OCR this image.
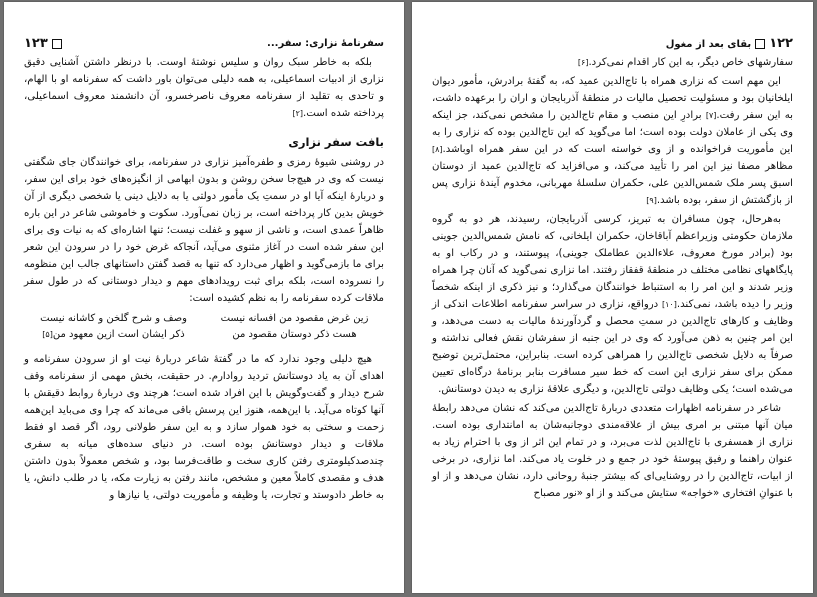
سفرنامهٔ نزاری: سفر...
۱۲۳

بلکه به خاطر سبک روان و سلیس نوشتهٔ اوست. با درنظر داشتن آشنایی دقیق نزاری از ادبیات اسماعیلی، به همه دلیلی می‌توان باور داشت که سفرنامه او با الهام، و تاحدی به تقلید از سفرنامه معروف ناصرخسرو، آن دانشمند معروف اسماعیلی، پرداخته شده است.[۲]

بافت سفر نزاری

در روشنی شیوهٔ رمزی و طفره‌آمیز نزاری در سفرنامه، برای خوانندگان جای شگفتی نیست که وی در هیچ‌جا سخن روشن و بدون ابهامی از انگیزه‌های خود برای این سفر، و دربارهٔ اینکه آیا او در سمتِ یک مأمور دولتی یا به دلایل دینی یا شخصی دیگری از آن خویش بدین کار پرداخته است، بر زبان نمی‌آورد. سکوت و خاموشی شاعر در این باره ظاهراً عمدی است، و ناشی از سهو و غفلت نیست؛ تنها اشاره‌ای که به نیات وی برای این سفر شده است در آغاز مثنوی می‌آید، آنجاکه غرض خود را در سرودن این شعر برای ما بازمی‌گوید و اظهار می‌دارد که تنها به قصد گفتن داستانهای جالب این منظومه را نسروده است، بلکه برای ثبت رویدادهای مهم و دیدار دوستانی که در طول سفر ملاقات کرده سفرنامه را به نظم کشیده است:

زین غرض مقصود من افسانه نیست
وصف و شرح گلخن و کاشانه نیست
هست ذکر دوستان مقصود من
ذکر ایشان است ازین معهود من[۵]

هیچ دلیلی وجود ندارد که ما در گفتهٔ شاعر دربارهٔ نیت او از سرودن سفرنامه و اهدای آن به یاد دوستانش تردید روادارم. در حقیقت، بخش مهمی از سفرنامه وقف شرح دیدار و گفت‌وگویش با این افراد شده است؛ هرچند وی دربارهٔ روابط دقیقش با آنها کوتاه می‌آید. با این‌همه، هنوز این پرسش باقی می‌ماند که چرا وی می‌باید این‌همه زحمت و سختی به خود هموار سازد و به این سفر طولانی رود، اگر قصد او فقط ملاقات و دیدار دوستانش بوده است. در دنیای سده‌های میانه به سفری چندصدکیلومتری رفتن کاری سخت و طاقت‌فرسا بود، و شخص معمولاً بدون داشتن هدف و مقصدی کاملاً معین و مشخص، مانند رفتن به زیارت مکه، یا در طلب دانش، یا به خاطر دادوستد و تجارت، یا وظیفه و مأموریت دولتی، یا نیازها و

۱۲۲بقای بعد از مغول

سفارشهای خاص دیگر، به این کار اقدام نمی‌کرد.[۶]

این مهم است که نزاری همراه با تاج‌الدین عمید که، به گفتهٔ برادرش، مأمور دیوان ایلخانیان بود و مسئولیت تحصیل مالیات در منطقهٔ آذربایجان و اران را برعهده داشت، به این سفر رفت.[۷] برادرِ این منصب و مقام تاج‌الدین را مشخص نمی‌کند، جز اینکه وی یکی از عاملان دولت بوده است؛ اما می‌گوید که این تاج‌الدین بوده که نزاری را به این مأموریت فراخوانده و از وی خواسته است که در این سفر همراه اوباشد.[۸] مظاهر مصفا نیز این امر را تأیید می‌کند، و می‌افزاید که تاج‌الدین عمید از دوستان اسبق پسر ملک شمس‌الدین علی، حکمران سلسلهٔ مهربانی، مخدوم آیندهٔ نزاری پس از بازگشتش از سفر، بوده باشد.[۹]

به‌هرحال، چون مسافران به تبریز، کرسی آذربایجان، رسیدند، هر دو به گروه ملازمان حکومتی وزیراعظم آباقاخان، حکمران ایلخانی، که نامش شمس‌الدین جوینی بود (برادر مورخ معروف، علاءالدین عطاملک جوینی)، پیوستند، و در رکاب او به پایگاههای نظامی مختلف در منطقهٔ قفقاز رفتند. اما نزاری نمی‌گوید که آنان چرا همراه وزیر شدند و این امر را به استنباط خوانندگان می‌گذارد؛ و نیز ذکری از اینکه شخصاً وزیر را دیده باشد، نمی‌کند.[۱۰] درواقع، نزاری در سراسر سفرنامه اطلاعات اندکی از وظایف و کارهای تاج‌الدین در سمتِ محصل و گردآورندهٔ مالیات به دست می‌دهد، و این امر چنین به ذهن می‌آورد که وی در این جنبه از سفرشان نقش فعالی نداشته و صرفاً به دلایل شخصی تاج‌الدین را همراهی کرده است. بنابراین، محتمل‌ترین توضیح ممکن برای سفر نزاری این است که خط سیر مسافرت بنابر برنامهٔ درگاه‌ای تعیین می‌شده است؛ یکی وظایف دولتی تاج‌الدین، و دیگری علاقهٔ نزاری به دیدن دوستانش.

شاعر در سفرنامه اظهارات متعددی دربارهٔ تاج‌الدین می‌کند که نشان می‌دهد رابطهٔ میان آنها مبتنی بر امری بیش از علاقه‌مندی دوجانبه‌شان به امانتداری بوده است. نزاری از همسفری با تاج‌الدین لذت می‌برد، و در تمام این اثر از وی با احترام زیاد به عنوان راهنما و رفیق پیوستهٔ خود در جمع و در خلوت یاد می‌کند. اما نزاری، در برخی از ابیات، تاج‌الدین را در روشنایی‌ای که بیشتر جنبهٔ روحانی دارد، نشان می‌دهد و از او با عنوانِ افتخاری «خواجه» ستایش می‌کند و از او «نور مصباح
